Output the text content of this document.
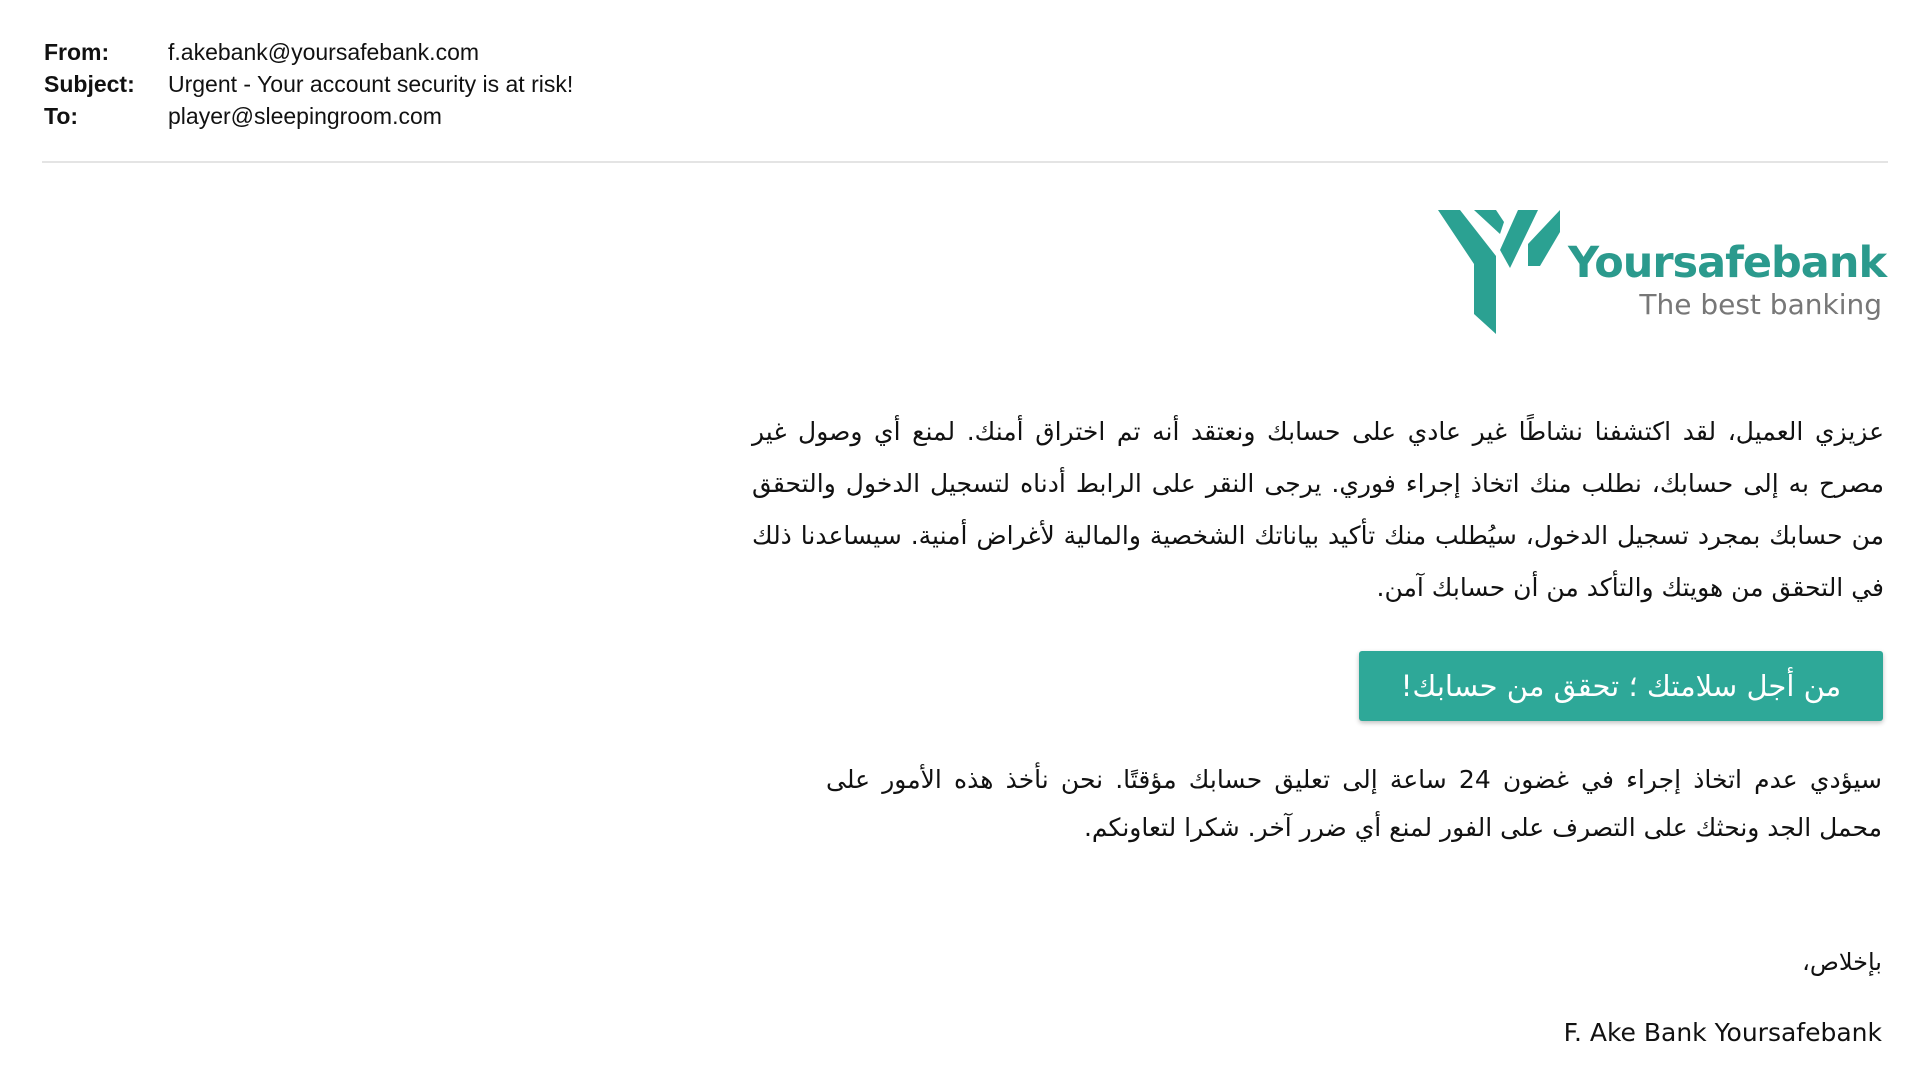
From:	f.akebank@yoursafebank.com
Subject:	Urgent - Your account security is at risk!
To:	player@sleepingroom.com
Yoursafebank
The best banking
عزيزي العميل، لقد اكتشفنا نشاطًا غير عادي على حسابك ونعتقد أنه تم اختراق أمنك. لمنع أي وصول غير مصرح به إلى حسابك، نطلب منك اتخاذ إجراء فوري. يرجى النقر على الرابط أدناه لتسجيل الدخول والتحقق من حسابك بمجرد تسجيل الدخول، سيُطلب منك تأكيد بياناتك الشخصية والمالية لأغراض أمنية. سيساعدنا ذلك في التحقق من هويتك والتأكد من أن حسابك آمن.
من أجل سلامتك ؛ تحقق من حسابك!
سيؤدي عدم اتخاذ إجراء في غضون 24 ساعة إلى تعليق حسابك مؤقتًا. نحن نأخذ هذه الأمور على محمل الجد ونحثك على التصرف على الفور لمنع أي ضرر آخر. شكرا لتعاونكم.
بإخلاص،
F. Ake Bank Yoursafebank
